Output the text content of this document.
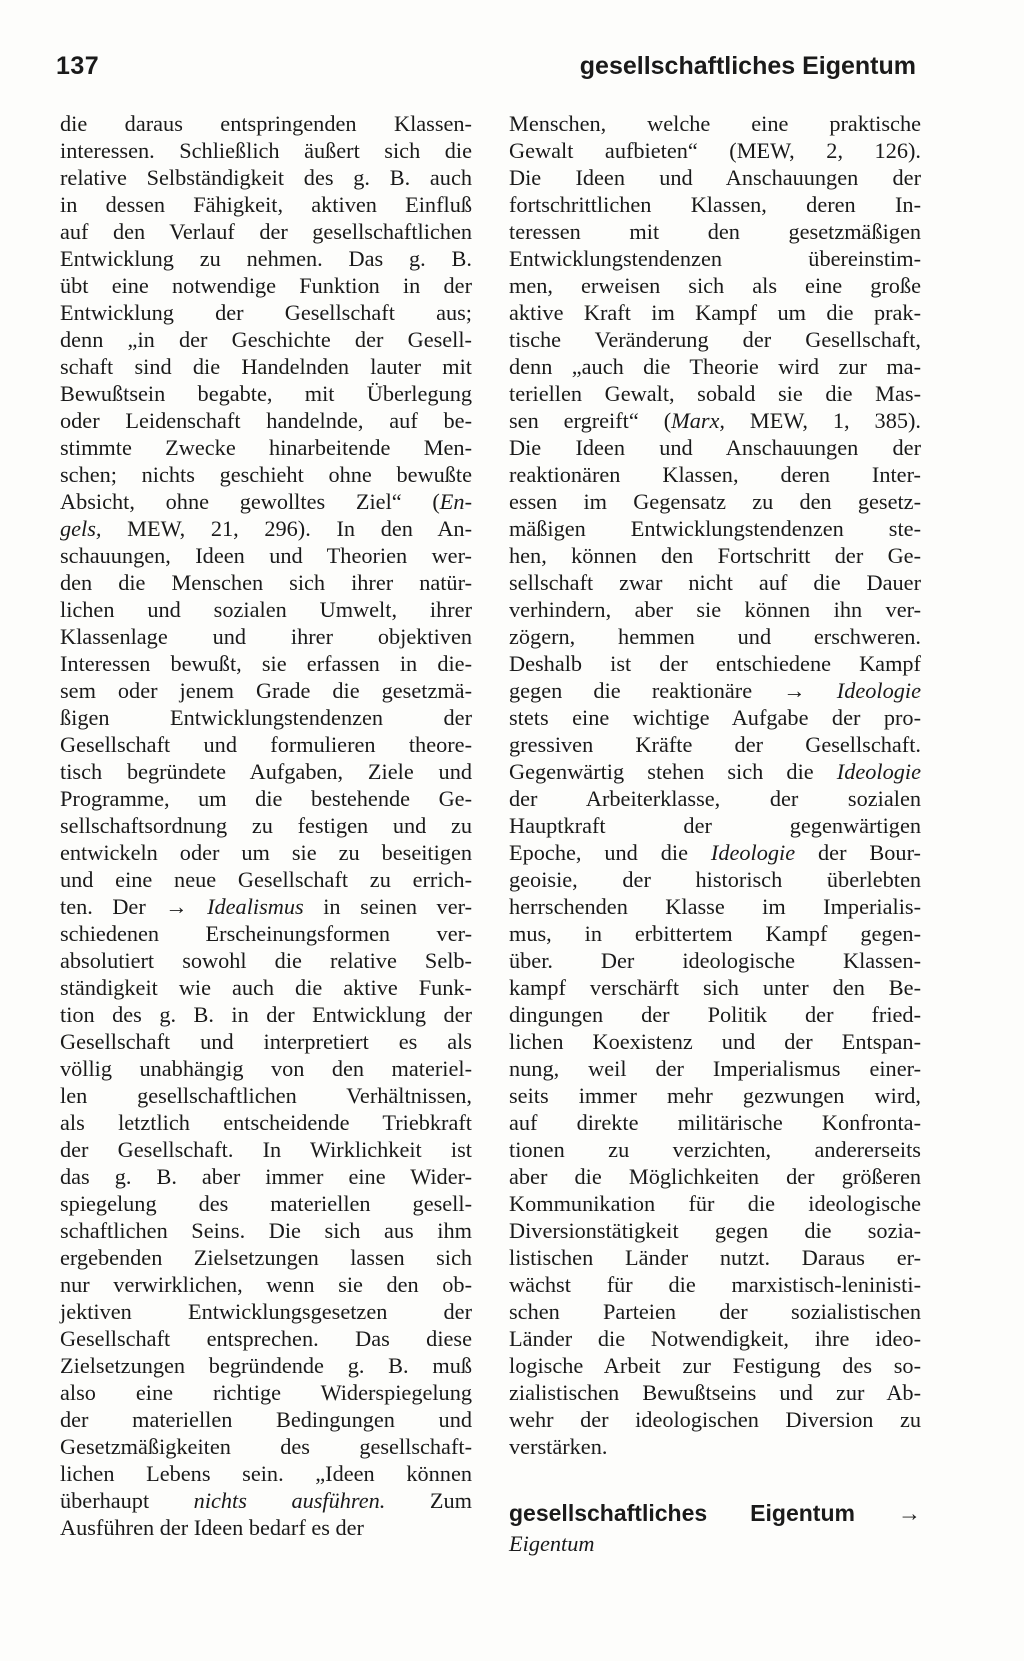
137	gesellschaftliches Eigentum
die daraus entspringenden Klassen-
interessen. Schließlich äußert sich die
relative Selbständigkeit des g. B. auch
in dessen Fähigkeit, aktiven Einfluß
auf den Verlauf der gesellschaftlichen
Entwicklung zu nehmen. Das g. B.
übt eine notwendige Funktion in der
Entwicklung der Gesellschaft aus;
denn „in der Geschichte der Gesell-
schaft sind die Handelnden lauter mit
Bewußtsein begabte, mit Überlegung
oder Leidenschaft handelnde, auf be-
stimmte Zwecke hinarbeitende Men-
schen; nichts geschieht ohne bewußte
Absicht, ohne gewolltes Ziel“ (En-
gels, MEW, 21, 296). In den An-
schauungen, Ideen und Theorien wer-
den die Menschen sich ihrer natür-
lichen und sozialen Umwelt, ihrer
Klassenlage und ihrer objektiven
Interessen bewußt, sie erfassen in die-
sem oder jenem Grade die gesetzmä-
ßigen Entwicklungstendenzen der
Gesellschaft und formulieren theore-
tisch begründete Aufgaben, Ziele und
Programme, um die bestehende Ge-
sellschaftsordnung zu festigen und zu
entwickeln oder um sie zu beseitigen
und eine neue Gesellschaft zu errich-
ten. Der → Idealismus in seinen ver-
schiedenen Erscheinungsformen ver-
absolutiert sowohl die relative Selb-
ständigkeit wie auch die aktive Funk-
tion des g. B. in der Entwicklung der
Gesellschaft und interpretiert es als
völlig unabhängig von den materiel-
len gesellschaftlichen Verhältnissen,
als letztlich entscheidende Triebkraft
der Gesellschaft. In Wirklichkeit ist
das g. B. aber immer eine Wider-
spiegelung des materiellen gesell-
schaftlichen Seins. Die sich aus ihm
ergebenden Zielsetzungen lassen sich
nur verwirklichen, wenn sie den ob-
jektiven Entwicklungsgesetzen der
Gesellschaft entsprechen. Das diese
Zielsetzungen begründende g. B. muß
also eine richtige Widerspiegelung
der materiellen Bedingungen und
Gesetzmäßigkeiten des gesellschaft-
lichen Lebens sein. „Ideen können
überhaupt nichts ausführen. Zum
Ausführen der Ideen bedarf es der
Menschen, welche eine praktische
Gewalt aufbieten“ (MEW, 2, 126).
Die Ideen und Anschauungen der
fortschrittlichen Klassen, deren In-
teressen mit den gesetzmäßigen
Entwicklungstendenzen übereinstim-
men, erweisen sich als eine große
aktive Kraft im Kampf um die prak-
tische Veränderung der Gesellschaft,
denn „auch die Theorie wird zur ma-
teriellen Gewalt, sobald sie die Mas-
sen ergreift“ (Marx, MEW, 1, 385).
Die Ideen und Anschauungen der
reaktionären Klassen, deren Inter-
essen im Gegensatz zu den gesetz-
mäßigen Entwicklungstendenzen ste-
hen, können den Fortschritt der Ge-
sellschaft zwar nicht auf die Dauer
verhindern, aber sie können ihn ver-
zögern, hemmen und erschweren.
Deshalb ist der entschiedene Kampf
gegen die reaktionäre → Ideologie
stets eine wichtige Aufgabe der pro-
gressiven Kräfte der Gesellschaft.
Gegenwärtig stehen sich die Ideologie
der Arbeiterklasse, der sozialen
Hauptkraft der gegenwärtigen
Epoche, und die Ideologie der Bour-
geoisie, der historisch überlebten
herrschenden Klasse im Imperialis-
mus, in erbittertem Kampf gegen-
über. Der ideologische Klassen-
kampf verschärft sich unter den Be-
dingungen der Politik der fried-
lichen Koexistenz und der Entspan-
nung, weil der Imperialismus einer-
seits immer mehr gezwungen wird,
auf direkte militärische Konfronta-
tionen zu verzichten, andererseits
aber die Möglichkeiten der größeren
Kommunikation für die ideologische
Diversionstätigkeit gegen die sozia-
listischen Länder nutzt. Daraus er-
wächst für die marxistisch-leninisti-
schen Parteien der sozialistischen
Länder die Notwendigkeit, ihre ideo-
logische Arbeit zur Festigung des so-
zialistischen Bewußtseins und zur Ab-
wehr der ideologischen Diversion zu
verstärken.
gesellschaftliches Eigentum →
Eigentum
